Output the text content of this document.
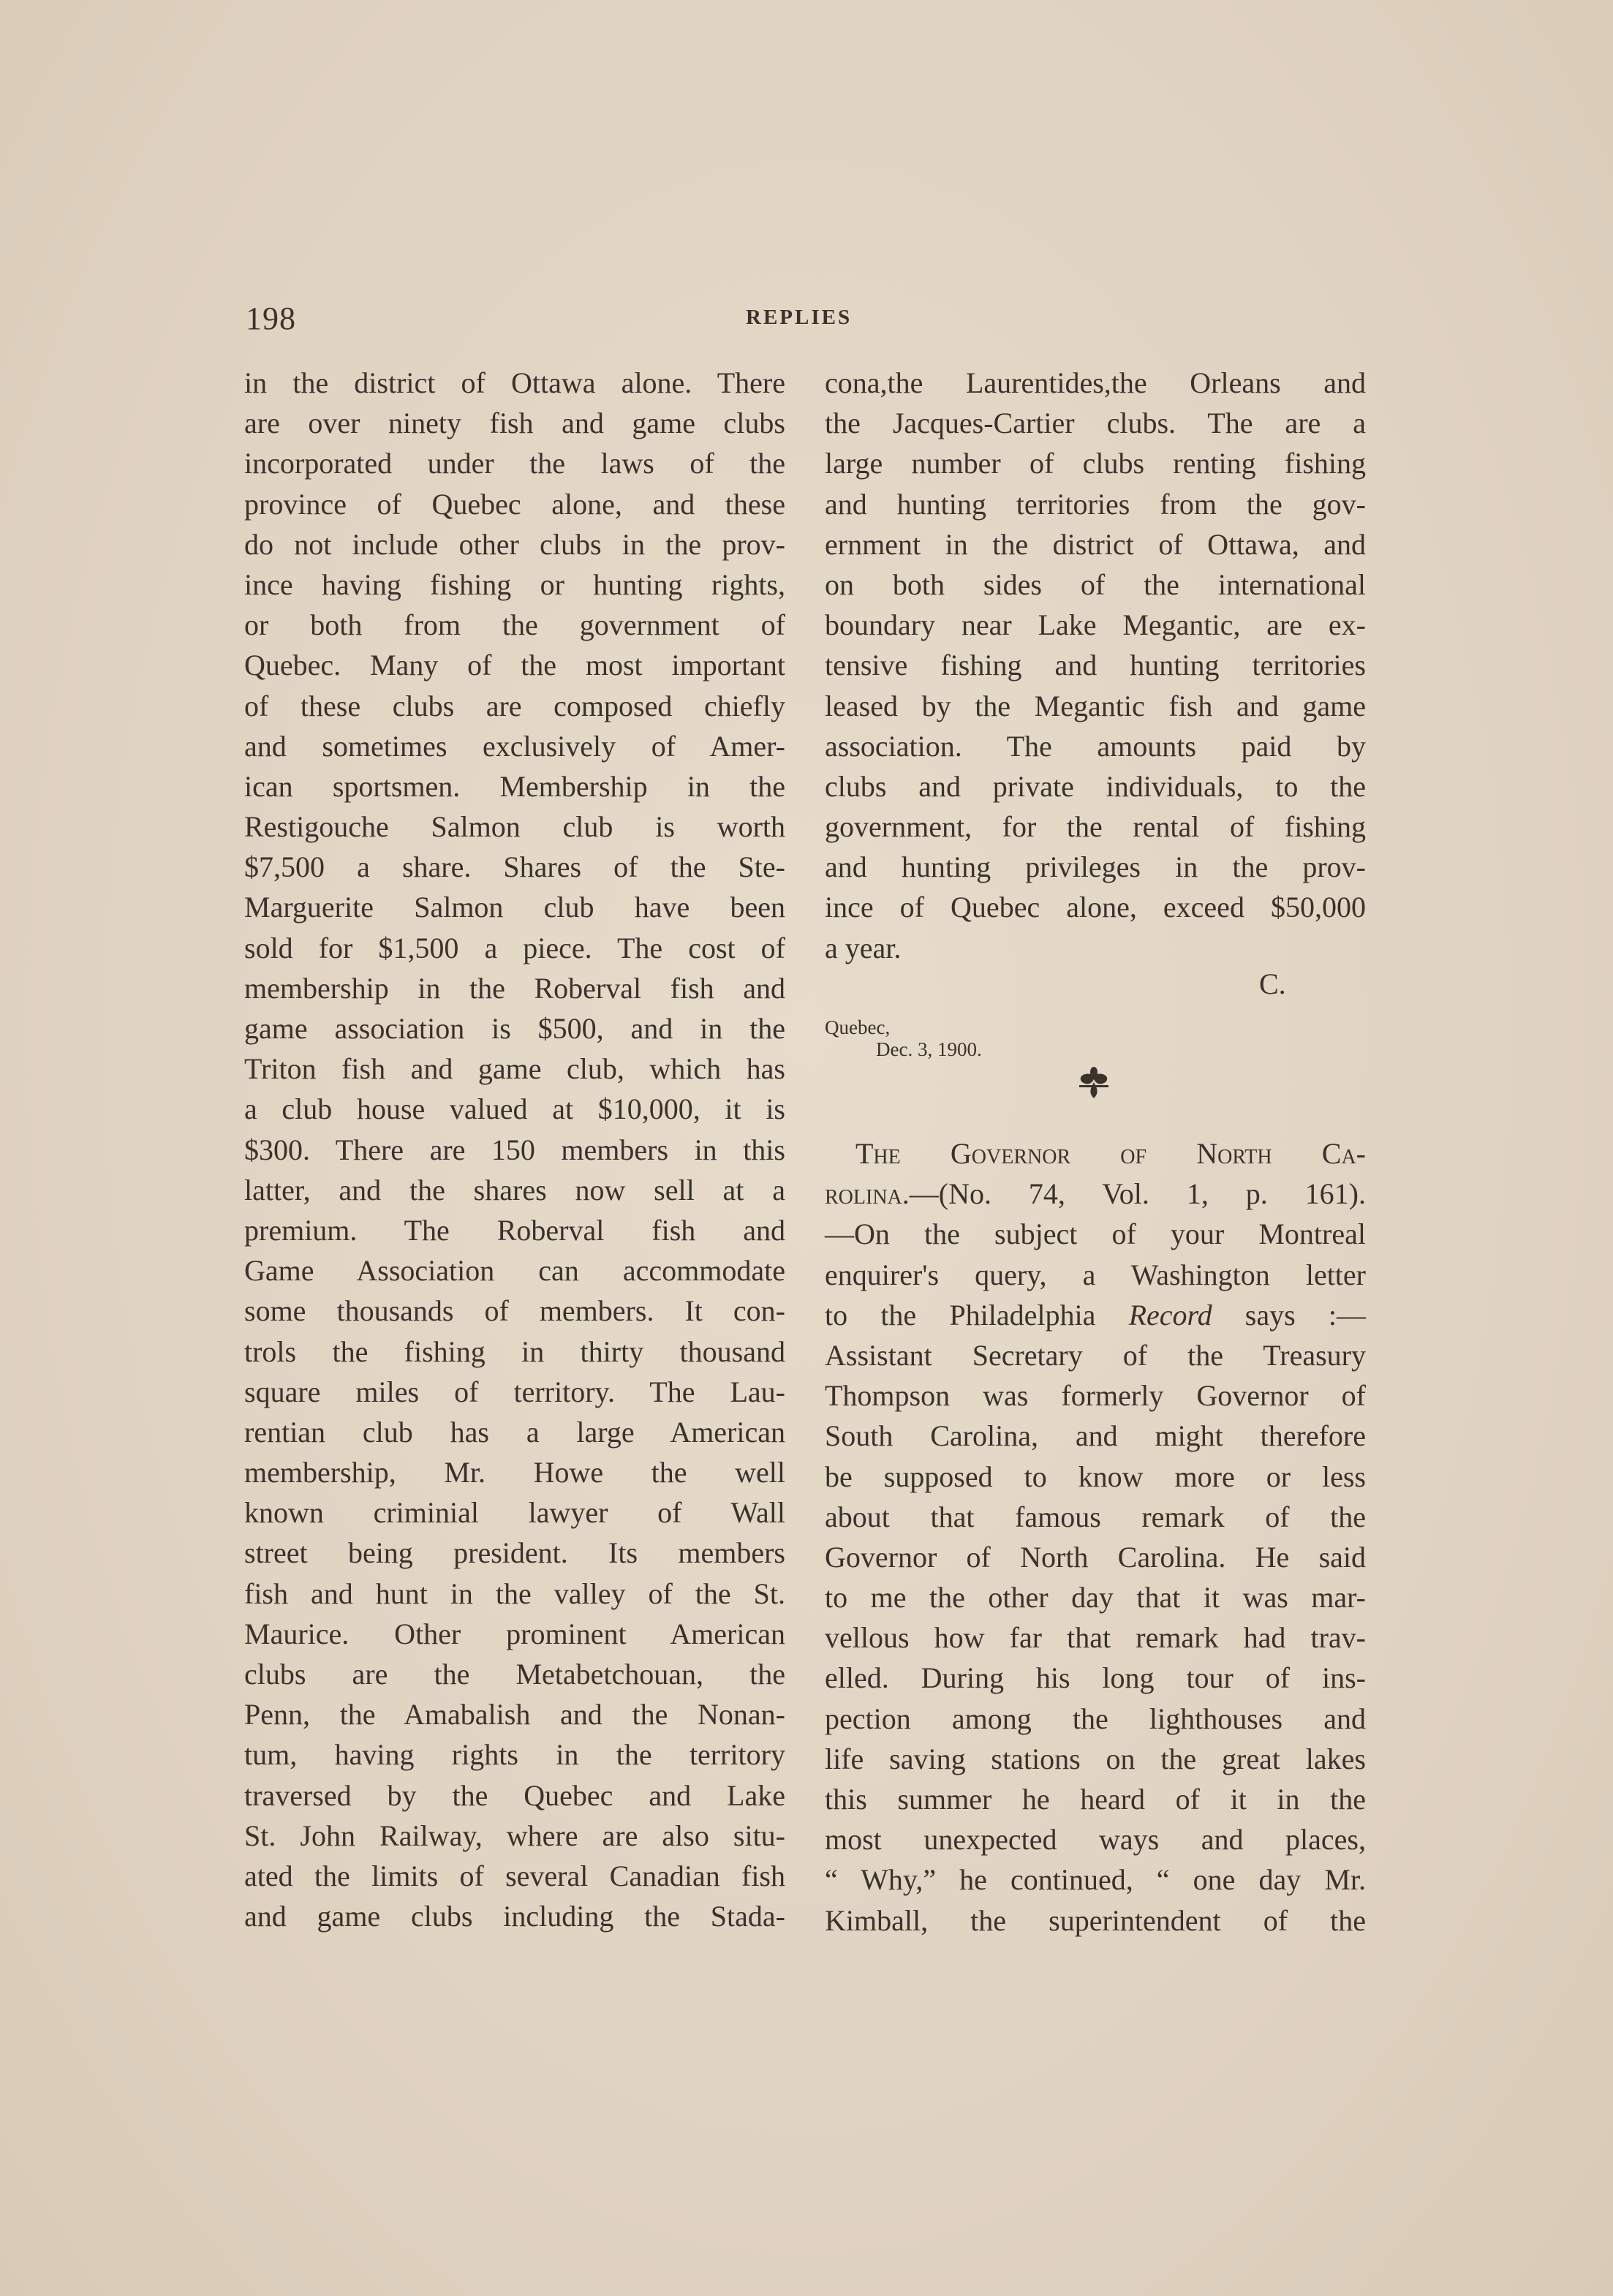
198	REPLIES
in the district of Ottawa alone. There
are over ninety fish and game clubs
incorporated under the laws of the
province of Quebec alone, and these
do not include other clubs in the prov-
ince having fishing or hunting rights,
or both from the government of
Quebec. Many of the most important
of these clubs are composed chiefly
and sometimes exclusively of Amer-
ican sportsmen. Membership in the
Restigouche Salmon club is worth
$7,500 a share. Shares of the Ste-
Marguerite Salmon club have been
sold for $1,500 a piece. The cost of
membership in the Roberval fish and
game association is $500, and in the
Triton fish and game club, which has
a club house valued at $10,000, it is
$300. There are 150 members in this
latter, and the shares now sell at a
premium. The Roberval fish and
Game Association can accommodate
some thousands of members. It con-
trols the fishing in thirty thousand
square miles of territory. The Lau-
rentian club has a large American
membership, Mr. Howe the well
known criminial lawyer of Wall
street being president. Its members
fish and hunt in the valley of the St.
Maurice. Other prominent American
clubs are the Metabetchouan, the
Penn, the Amabalish and the Nonan-
tum, having rights in the territory
traversed by the Quebec and Lake
St. John Railway, where are also situ-
ated the limits of several Canadian fish
and game clubs including the Stada-
cona,the Laurentides,the Orleans and
the Jacques-Cartier clubs. The are a
large number of clubs renting fishing
and hunting territories from the gov-
ernment in the district of Ottawa, and
on both sides of the international
boundary near Lake Megantic, are ex-
tensive fishing and hunting territories
leased by the Megantic fish and game
association. The amounts paid by
clubs and private individuals, to the
government, for the rental of fishing
and hunting privileges in the prov-
ince of Quebec alone, exceed $50,000
a year.
C.
Quebec,
Dec. 3, 1900.
The Governor of North Ca-
rolina.—(No. 74, Vol. 1, p. 161).
—On the subject of your Montreal
enquirer's query, a Washington letter
to the Philadelphia Record says :—
Assistant Secretary of the Treasury
Thompson was formerly Governor of
South Carolina, and might therefore
be supposed to know more or less
about that famous remark of the
Governor of North Carolina. He said
to me the other day that it was mar-
vellous how far that remark had trav-
elled. During his long tour of ins-
pection among the lighthouses and
life saving stations on the great lakes
this summer he heard of it in the
most unexpected ways and places,
“ Why,” he continued, “ one day Mr.
Kimball, the superintendent of the
